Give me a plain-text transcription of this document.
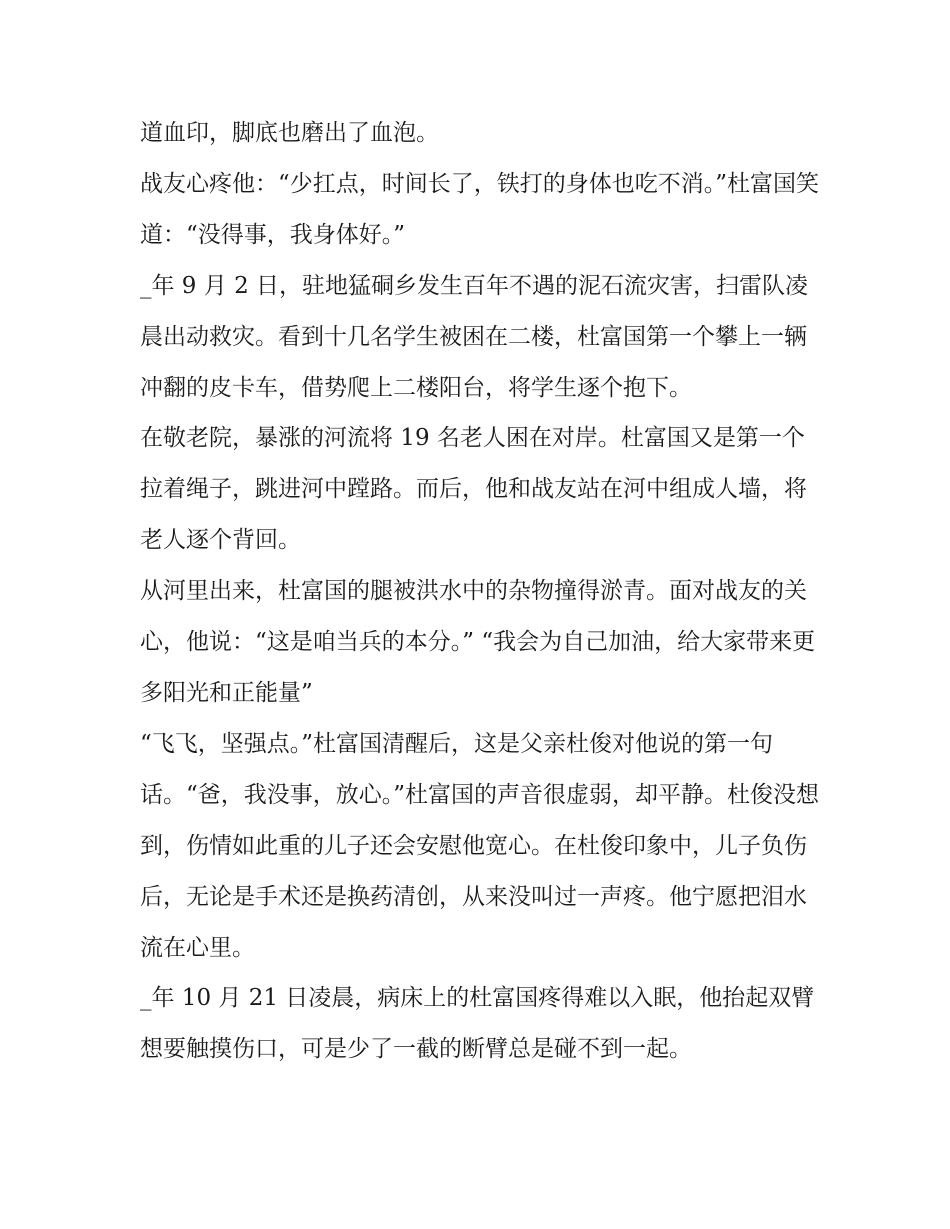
道血印，脚底也磨出了血泡。

战友心疼他：“少扛点，时间长了，铁打的身体也吃不消。”杜富国笑道：“没得事，我身体好。”

_年 9 月 2 日，驻地猛硐乡发生百年不遇的泥石流灾害，扫雷队凌晨出动救灾。看到十几名学生被困在二楼，杜富国第一个攀上一辆冲翻的皮卡车，借势爬上二楼阳台，将学生逐个抱下。

在敬老院，暴涨的河流将 19 名老人困在对岸。杜富国又是第一个拉着绳子，跳进河中蹚路。而后，他和战友站在河中组成人墙，将老人逐个背回。

从河里出来，杜富国的腿被洪水中的杂物撞得淤青。面对战友的关心，他说：“这是咱当兵的本分。” “我会为自己加油，给大家带来更多阳光和正能量”

“飞飞，坚强点。”杜富国清醒后，这是父亲杜俊对他说的第一句话。“爸，我没事，放心。”杜富国的声音很虚弱，却平静。杜俊没想到，伤情如此重的儿子还会安慰他宽心。在杜俊印象中，儿子负伤后，无论是手术还是换药清创，从来没叫过一声疼。他宁愿把泪水流在心里。

_年 10 月 21 日凌晨，病床上的杜富国疼得难以入眠，他抬起双臂想要触摸伤口，可是少了一截的断臂总是碰不到一起。
